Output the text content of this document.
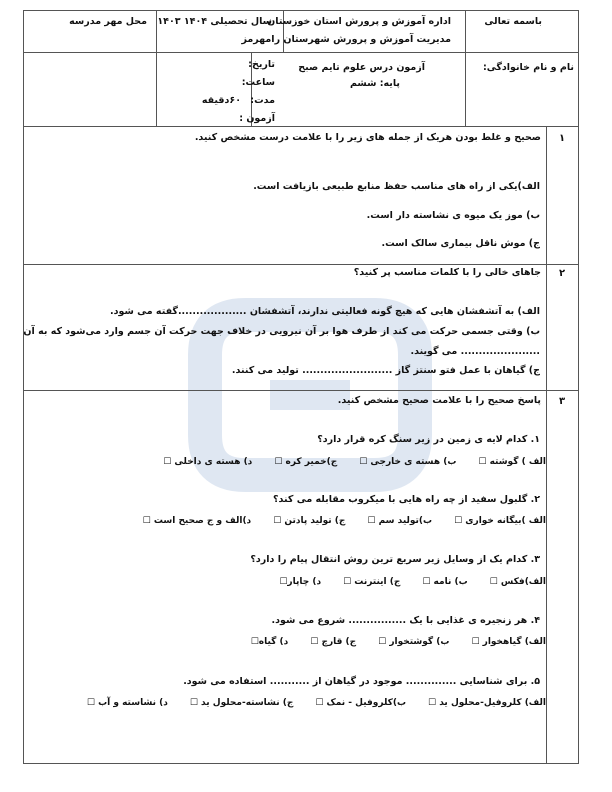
باسمه تعالی
اداره آموزش و پرورش استان خوزستان
مدیریت آموزش و پرورش شهرستان رامهرمز
سال تحصیلی ۱۴۰۴ ۱۴۰۳
محل مهر مدرسه
نام و نام خانوادگی:
آزمون درس علوم تایم صبح
پایه: ششم
تاریخ:
ساعت:
مدت:
۶۰دقیقه
آزمون :
۱
صحیح و غلط بودن هریک از جمله های زیر را با علامت درست مشخص کنید.
الف)یکی از راه های مناسب حفظ منابع طبیعی بازیافت است.
ب) موز یک میوه ی نشاسته دار است.
ج) موش ناقل بیماری سالک است.
۲
جاهای خالی را با کلمات مناسب پر کنید؟
الف) به آتشفشان هایی که هیچ گونه فعالیتی ندارند، آتشفشان ...................گفته می شود.
ب) وقتی جسمی حرکت می کند از طرف هوا بر آن نیرویی در خلاف جهت حرکت آن جسم وارد می‌شود که به آن
...................... می گویند.
ج) گیاهان با عمل فتو سنتز گاز ......................... تولید می کنند.
۳
پاسخ صحیح را با علامت صحیح مشخص کنید.
۱. کدام لایه ی زمین در زیر سنگ کره قرار دارد؟
الف ) گوشته ☐ب) هسته ی خارجی ☐ج)خمیر کره ☐د) هسته ی داخلی ☐
۲. گلبول سفید از چه راه هایی با میکروب مقابله می کند؟
الف )بیگانه خواری ☐ب)تولید سم ☐ج) تولید پادتن ☐د)الف و ج صحیح است ☐
۳. کدام یک از وسایل زیر سریع ترین روش انتقال پیام را دارد؟
الف)فکس ☐ب) نامه ☐ج) اینترنت ☐د) چاپار☐
۴. هر زنجیره ی غذایی با یک ................ شروع می شود.
الف) گیاهخوار ☐ب) گوشتخوار ☐ج) قارچ ☐د) گیاه☐
۵. برای شناسایی .............. موجود در گیاهان از ........... استفاده می شود.
الف) کلروفیل-محلول ید ☐ب)کلروفیل - نمک ☐ج) نشاسته-محلول ید ☐د) نشاسته و آب ☐
